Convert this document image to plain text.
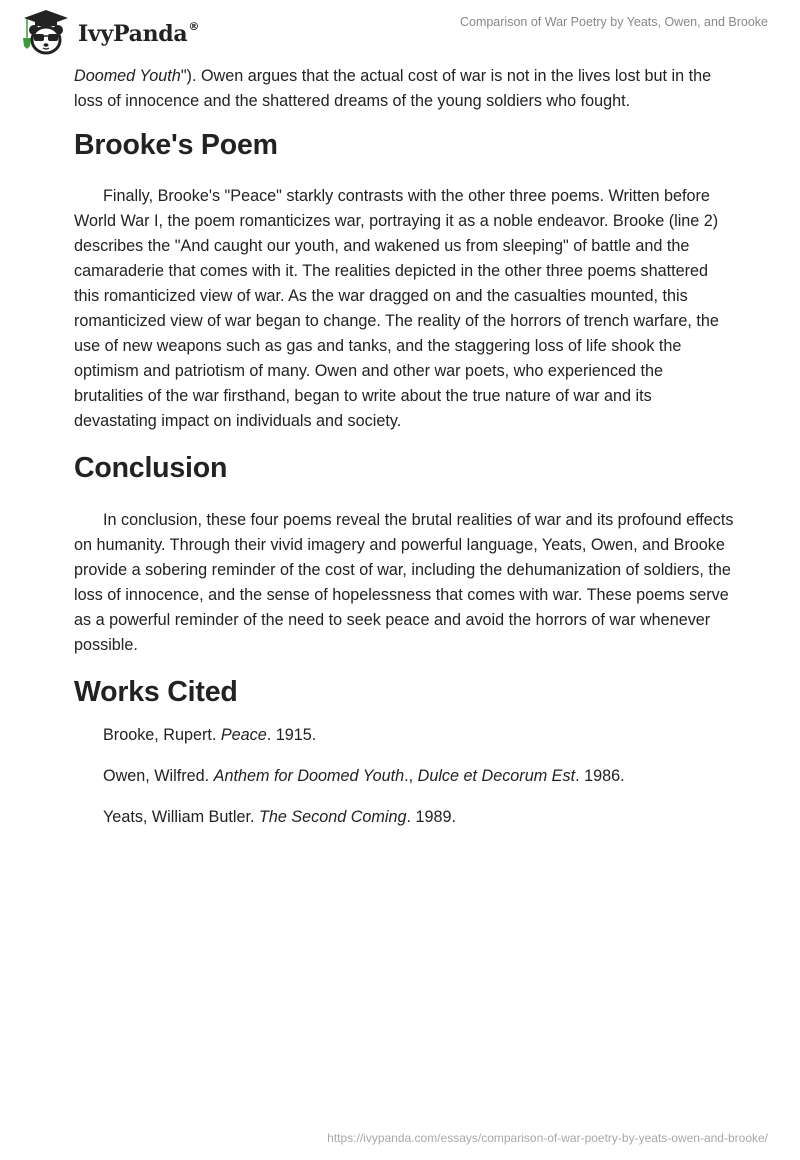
IvyPanda®	Comparison of War Poetry by Yeats, Owen, and Brooke

Doomed Youth"). Owen argues that the actual cost of war is not in the lives lost but in the loss of innocence and the shattered dreams of the young soldiers who fought.

Brooke's Poem

Finally, Brooke's "Peace" starkly contrasts with the other three poems. Written before World War I, the poem romanticizes war, portraying it as a noble endeavor. Brooke (line 2) describes the "And caught our youth, and wakened us from sleeping" of battle and the camaraderie that comes with it. The realities depicted in the other three poems shattered this romanticized view of war. As the war dragged on and the casualties mounted, this romanticized view of war began to change. The reality of the horrors of trench warfare, the use of new weapons such as gas and tanks, and the staggering loss of life shook the optimism and patriotism of many. Owen and other war poets, who experienced the brutalities of the war firsthand, began to write about the true nature of war and its devastating impact on individuals and society.

Conclusion

In conclusion, these four poems reveal the brutal realities of war and its profound effects on humanity. Through their vivid imagery and powerful language, Yeats, Owen, and Brooke provide a sobering reminder of the cost of war, including the dehumanization of soldiers, the loss of innocence, and the sense of hopelessness that comes with war. These poems serve as a powerful reminder of the need to seek peace and avoid the horrors of war whenever possible.

Works Cited

Brooke, Rupert. Peace. 1915.

Owen, Wilfred. Anthem for Doomed Youth., Dulce et Decorum Est. 1986.

Yeats, William Butler. The Second Coming. 1989.

https://ivypanda.com/essays/comparison-of-war-poetry-by-yeats-owen-and-brooke/
